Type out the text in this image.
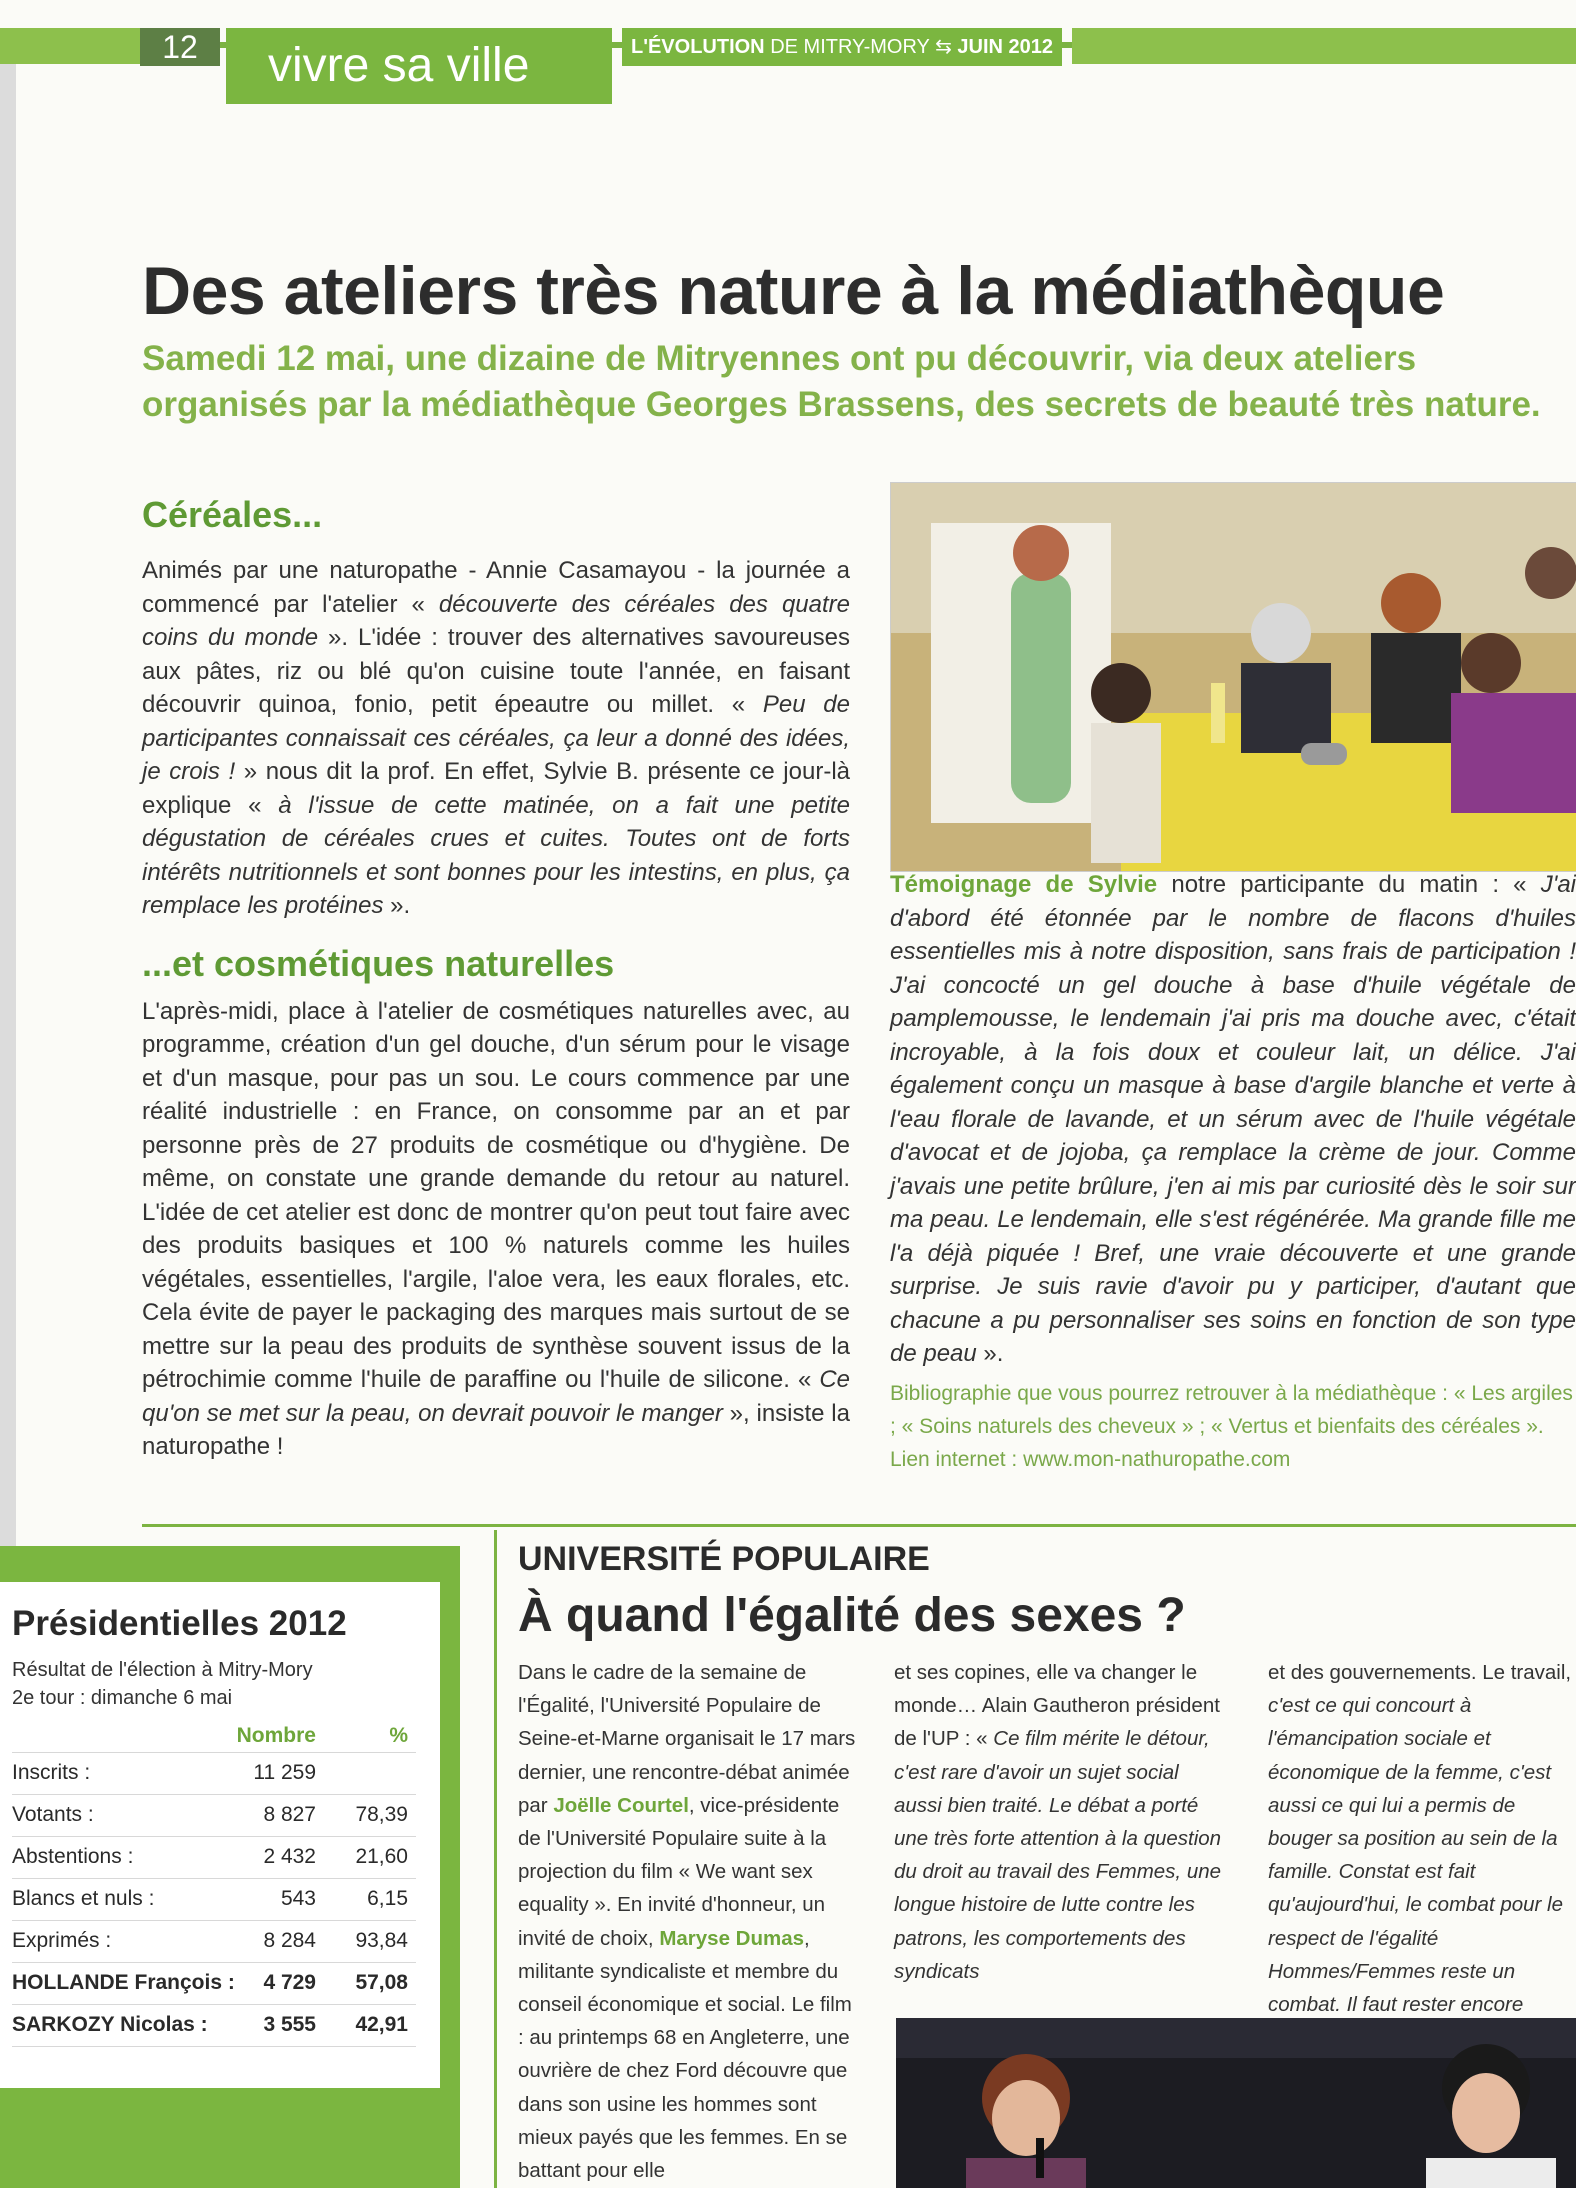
12	vivre sa ville	L'ÉVOLUTION DE MITRY-MORY ⇆ JUIN 2012
Des ateliers très nature à la médiathèque
Samedi 12 mai, une dizaine de Mitryennes ont pu découvrir, via deux ateliers organisés par la médiathèque Georges Brassens, des secrets de beauté très nature.
Céréales...

Animés par une naturopathe - Annie Casamayou - la journée a commencé par l'atelier « découverte des céréales des quatre coins du monde ». L'idée : trouver des alternatives savoureuses aux pâtes, riz ou blé qu'on cuisine toute l'année, en faisant découvrir quinoa, fonio, petit épeautre ou millet. « Peu de participantes connaissait ces céréales, ça leur a donné des idées, je crois ! » nous dit la prof. En effet, Sylvie B. présente ce jour-là explique « à l'issue de cette matinée, on a fait une petite dégustation de céréales crues et cuites. Toutes ont de forts intérêts nutritionnels et sont bonnes pour les intestins, en plus, ça remplace les protéines ».

...et cosmétiques naturelles

L'après-midi, place à l'atelier de cosmétiques naturelles avec, au programme, création d'un gel douche, d'un sérum pour le visage et d'un masque, pour pas un sou. Le cours commence par une réalité industrielle : en France, on consomme par an et par personne près de 27 produits de cosmétique ou d'hygiène. De même, on constate une grande demande du retour au naturel. L'idée de cet atelier est donc de montrer qu'on peut tout faire avec des produits basiques et 100 % naturels comme les huiles végétales, essentielles, l'argile, l'aloe vera, les eaux florales, etc. Cela évite de payer le packaging des marques mais surtout de se mettre sur la peau des produits de synthèse souvent issus de la pétrochimie comme l'huile de paraffine ou l'huile de silicone. « Ce qu'on se met sur la peau, on devrait pouvoir le manger », insiste la naturopathe !

Témoignage de Sylvie notre participante du matin : « J'ai d'abord été étonnée par le nombre de flacons d'huiles essentielles mis à notre disposition, sans frais de participation ! J'ai concocté un gel douche à base d'huile végétale de pamplemousse, le lendemain j'ai pris ma douche avec, c'était incroyable, à la fois doux et couleur lait, un délice. J'ai également conçu un masque à base d'argile blanche et verte à l'eau florale de lavande, et un sérum avec de l'huile végétale d'avocat et de jojoba, ça remplace la crème de jour. Comme j'avais une petite brûlure, j'en ai mis par curiosité dès le soir sur ma peau. Le lendemain, elle s'est régénérée. Ma grande fille me l'a déjà piquée ! Bref, une vraie découverte et une grande surprise. Je suis ravie d'avoir pu y participer, d'autant que chacune a pu personnaliser ses soins en fonction de son type de peau ».

Bibliographie que vous pourrez retrouver à la médiathèque : « Les argiles ; « Soins naturels des cheveux » ; « Vertus et bienfaits des céréales ». Lien internet : www.mon-nathuropathe.com

Présidentielles 2012
Résultat de l'élection à Mitry-Mory
2e tour : dimanche 6 mai
Nombre	%
Inscrits :	11 259
Votants :	8 827 78,39
Abstentions :	2 432 21,60
Blancs et nuls :	543 6,15
Exprimés :	8 284 93,84
HOLLANDE François : 4 729 57,08
SARKOZY Nicolas :	3 555 42,91
UNIVERSITÉ POPULAIRE
À quand l'égalité des sexes ?
Dans le cadre de la semaine de l'Égalité, l'Université Populaire de Seine-et-Marne organisait le 17 mars dernier, une rencontre-débat animée par Joëlle Courtel, vice-présidente de l'Université Populaire suite à la projection du film « We want sex equality ». En invité d'honneur, un invité de choix, Maryse Dumas, militante syndicaliste et membre du conseil économique et social. Le film : au printemps 68 en Angleterre, une ouvrière de chez Ford découvre que dans son usine les hommes sont mieux payés que les femmes. En se battant pour elle
et ses copines, elle va changer le monde… Alain Gautheron président de l'UP : « Ce film mérite le détour, c'est rare d'avoir un sujet social aussi bien traité. Le débat a porté une très forte attention à la question du droit au travail des Femmes, une longue histoire de lutte contre les patrons, les comportements des syndicats
et des gouvernements. Le travail, c'est ce qui concourt à l'émancipation sociale et économique de la femme, c'est aussi ce qui lui a permis de bouger sa position au sein de la famille. Constat est fait qu'aujourd'hui, le combat pour le respect de l'égalité Hommes/Femmes reste un combat. Il faut rester encore
